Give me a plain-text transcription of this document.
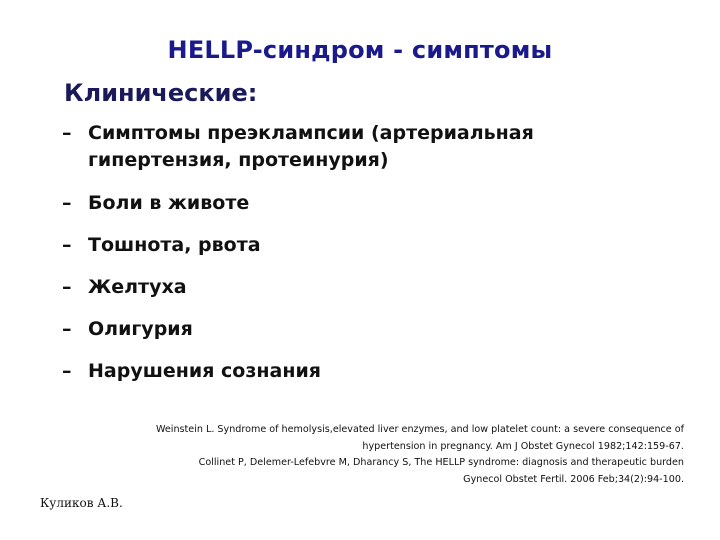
HELLP-синдром - симптомы
Клинические:
– Симптомы преэклампсии (артериальная гипертензия, протеинурия)
– Боли в животе
– Тошнота, рвота
– Желтуха
– Олигурия
– Нарушения сознания
Weinstein L. Syndrome of hemolysis,elevated liver enzymes, and low platelet count: a severe consequence of
hypertension in pregnancy. Am J Obstet Gynecol 1982;142:159-67.
Collinet P, Delemer-Lefebvre M, Dharancy S, The HELLP syndrome: diagnosis and therapeutic burden
Gynecol Obstet Fertil. 2006 Feb;34(2):94-100.
Куликов А.В.
